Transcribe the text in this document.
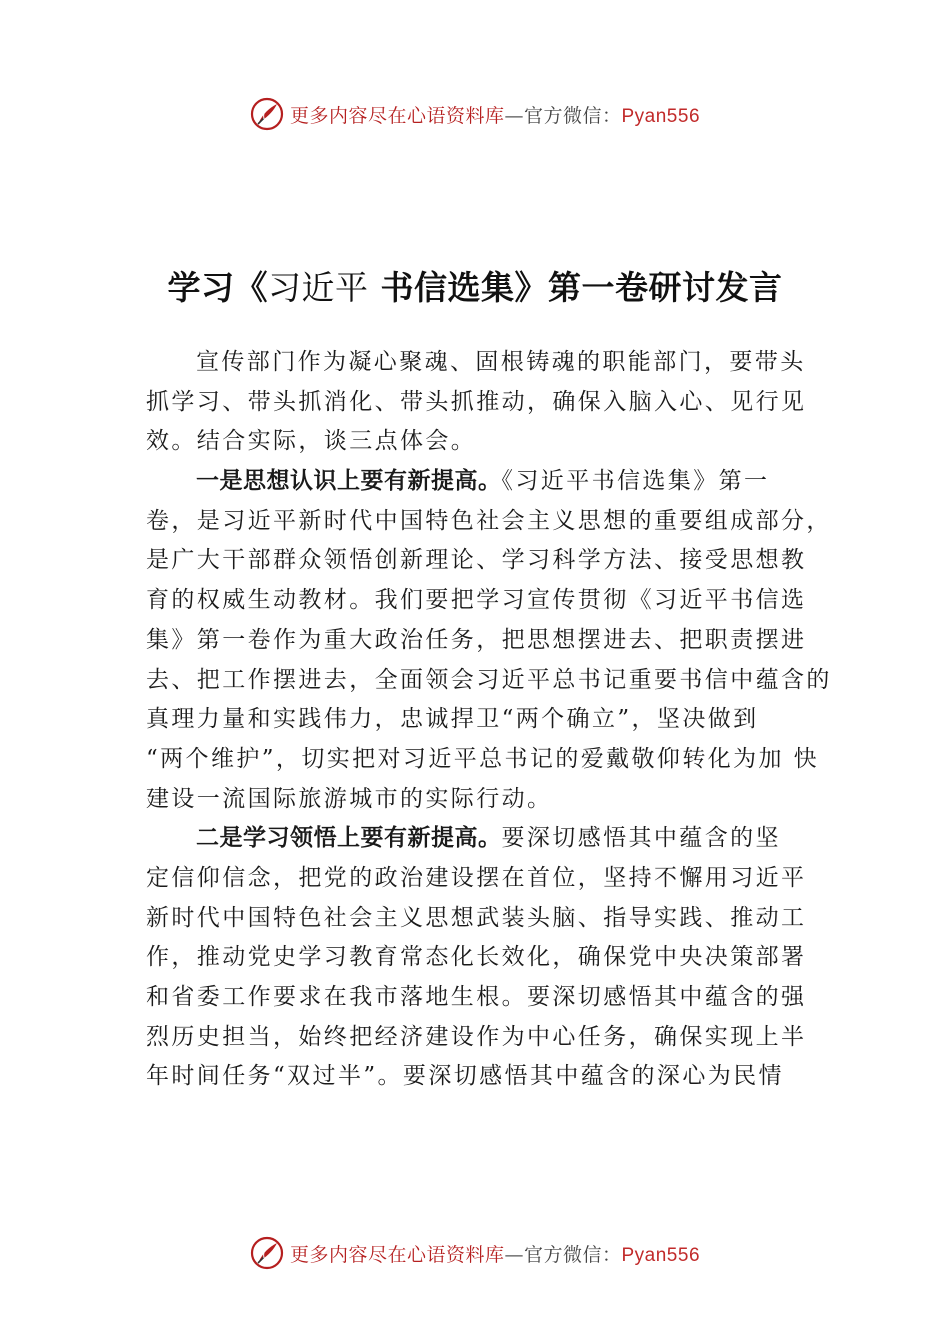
更多内容尽在心语资料库—官方微信：Pyan556
学习《习近平 书信选集》第一卷研讨发言
宣传部门作为凝心聚魂、固根铸魂的职能部门，要带头
抓学习、带头抓消化、带头抓推动，确保入脑入心、见行见
效。结合实际，谈三点体会。
一是思想认识上要有新提高。《习近平书信选集》第一
卷，是习近平新时代中国特色社会主义思想的重要组成部分，
是广大干部群众领悟创新理论、学习科学方法、接受思想教
育的权威生动教材。我们要把学习宣传贯彻《习近平书信选
集》第一卷作为重大政治任务，把思想摆进去、把职责摆进
去、把工作摆进去，全面领会习近平总书记重要书信中蕴含的
真理力量和实践伟力，忠诚捍卫“两个确立”，坚决做到
“两个维护”，切实把对习近平总书记的爱戴敬仰转化为加 快
建设一流国际旅游城市的实际行动。
二是学习领悟上要有新提高。要深切感悟其中蕴含的坚
定信仰信念，把党的政治建设摆在首位，坚持不懈用习近平
新时代中国特色社会主义思想武装头脑、指导实践、推动工
作，推动党史学习教育常态化长效化，确保党中央决策部署
和省委工作要求在我市落地生根。要深切感悟其中蕴含的强
烈历史担当，始终把经济建设作为中心任务，确保实现上半
年时间任务“双过半”。要深切感悟其中蕴含的深心为民情
更多内容尽在心语资料库—官方微信：Pyan556
